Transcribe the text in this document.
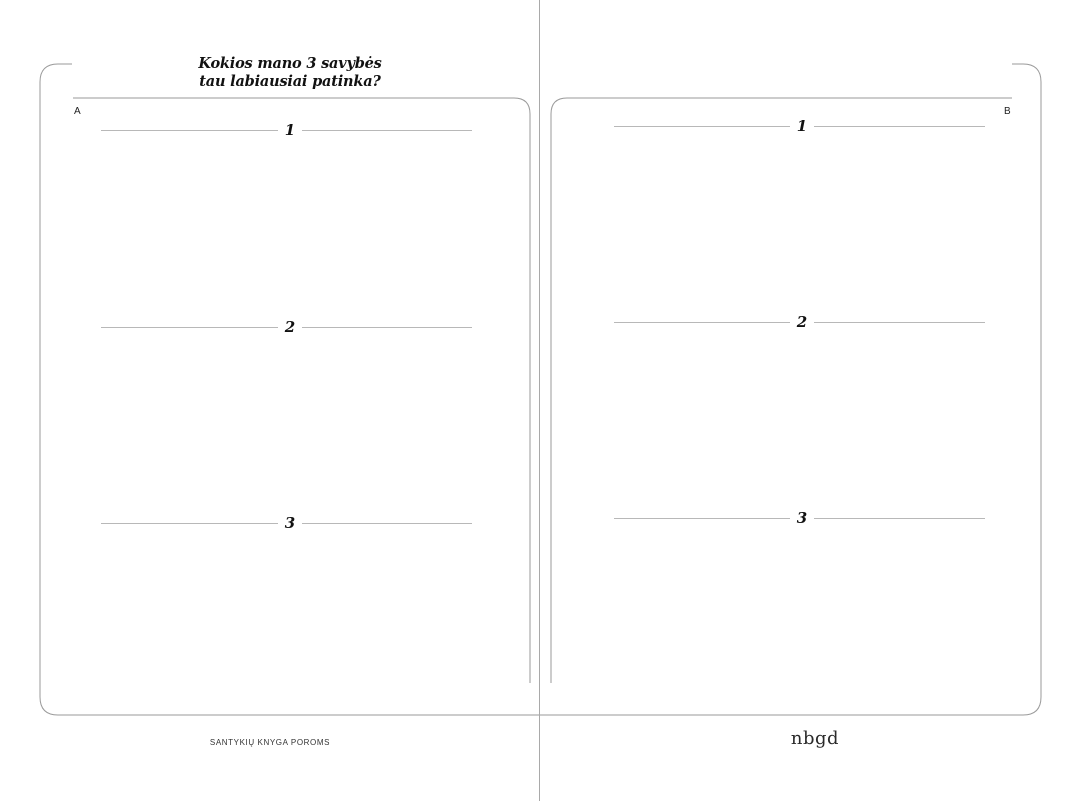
Kokios mano 3 savybės
tau labiausiai patinka?
A	B
1
2
3
1
2
3
SANTYKIŲ KNYGA POROMS	nbgd
